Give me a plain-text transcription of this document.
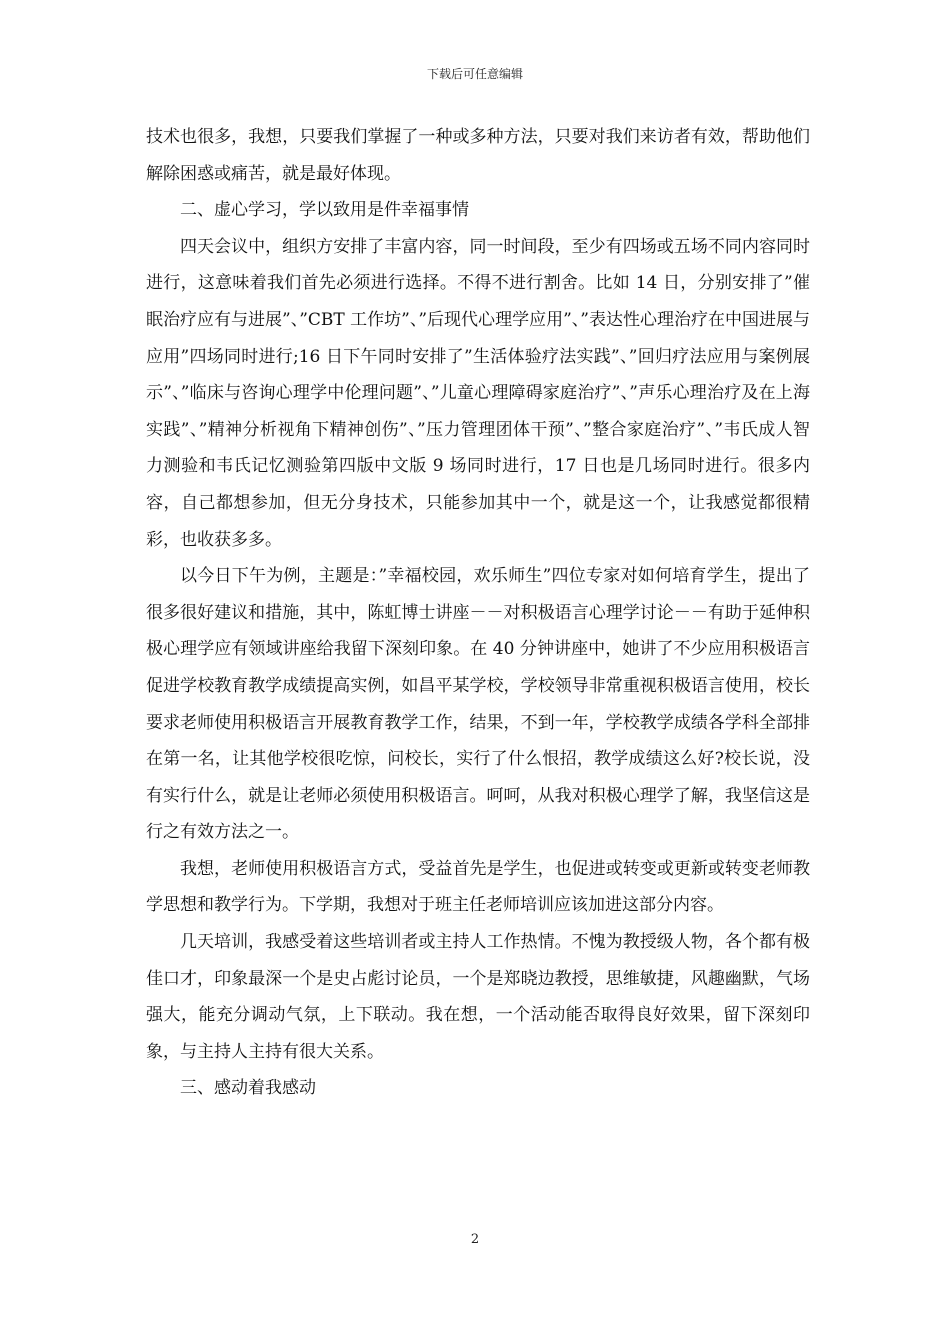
下载后可任意编辑

技术也很多，我想，只要我们掌握了一种或多种方法，只要对我们来访者有效，帮助他们解除困惑或痛苦，就是最好体现。

二、虚心学习，学以致用是件幸福事情

四天会议中，组织方安排了丰富内容，同一时间段，至少有四场或五场不同内容同时进行，这意味着我们首先必须进行选择。不得不进行割舍。比如 14 日，分别安排了”催眠治疗应有与进展”、”CBT 工作坊”、”后现代心理学应用”、”表达性心理治疗在中国进展与应用”四场同时进行;16 日下午同时安排了”生活体验疗法实践”、”回归疗法应用与案例展示”、”临床与咨询心理学中伦理问题”、”儿童心理障碍家庭治疗”、”声乐心理治疗及在上海实践”、”精神分析视角下精神创伤”、”压力管理团体干预”、”整合家庭治疗”、”韦氏成人智力测验和韦氏记忆测验第四版中文版 9 场同时进行，17 日也是几场同时进行。很多内容，自己都想参加，但无分身技术，只能参加其中一个，就是这一个，让我感觉都很精彩，也收获多多。

以今日下午为例，主题是：”幸福校园，欢乐师生”四位专家对如何培育学生，提出了很多很好建议和措施，其中，陈虹博士讲座－－对积极语言心理学讨论－－有助于延伸积极心理学应有领域讲座给我留下深刻印象。在 40 分钟讲座中，她讲了不少应用积极语言促进学校教育教学成绩提高实例，如昌平某学校，学校领导非常重视积极语言使用，校长要求老师使用积极语言开展教育教学工作，结果，不到一年，学校教学成绩各学科全部排在第一名，让其他学校很吃惊，问校长，实行了什么恨招，教学成绩这么好?校长说，没有实行什么，就是让老师必须使用积极语言。呵呵，从我对积极心理学了解，我坚信这是行之有效方法之一。

我想，老师使用积极语言方式，受益首先是学生，也促进或转变或更新或转变老师教学思想和教学行为。下学期，我想对于班主任老师培训应该加进这部分内容。

几天培训，我感受着这些培训者或主持人工作热情。不愧为教授级人物，各个都有极佳口才，印象最深一个是史占彪讨论员，一个是郑晓边教授，思维敏捷，风趣幽默，气场强大，能充分调动气氛，上下联动。我在想，一个活动能否取得良好效果，留下深刻印象，与主持人主持有很大关系。

三、感动着我感动

2
